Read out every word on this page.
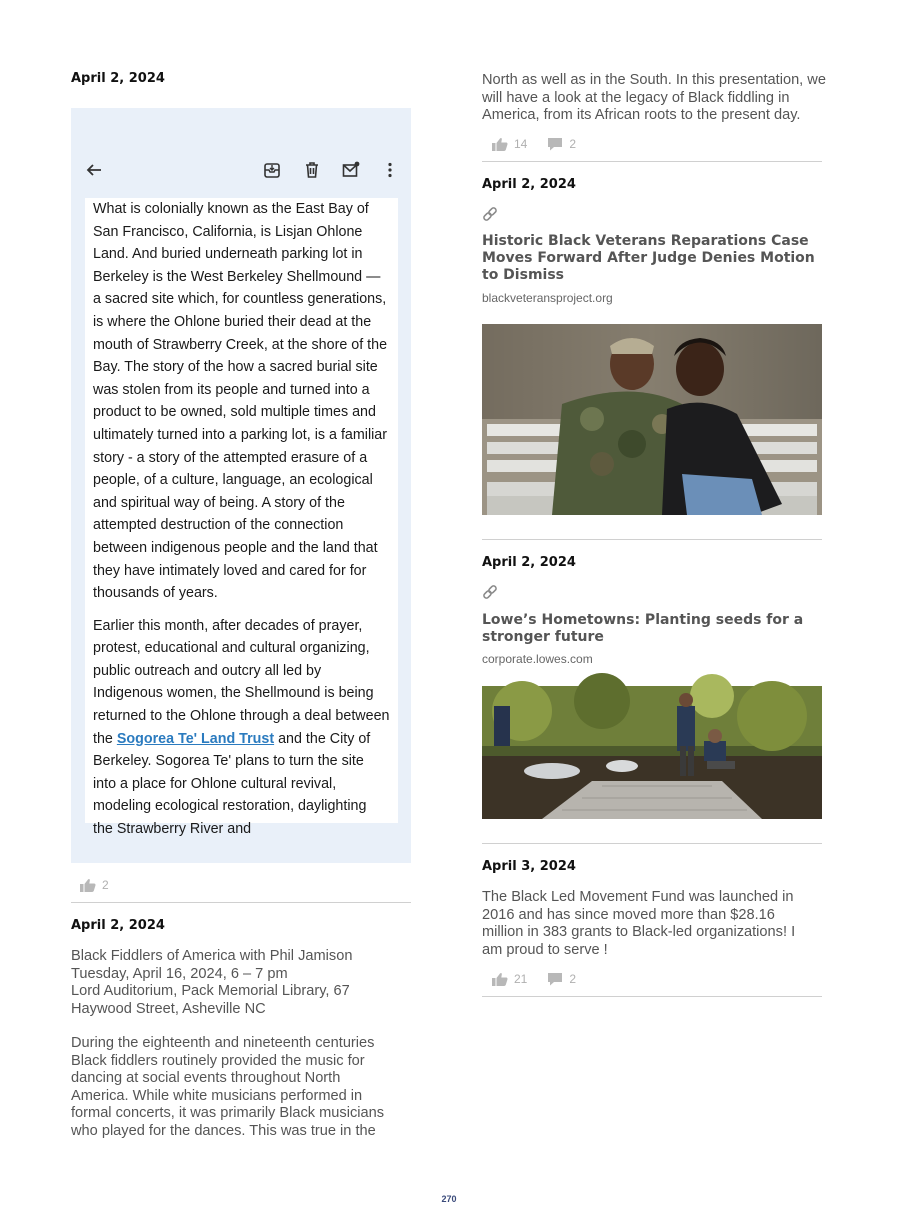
April 2, 2024

What is colonially known as the East Bay of San Francisco, California, is Lisjan Ohlone Land. And buried underneath parking lot in Berkeley is the West Berkeley Shellmound — a sacred site which, for countless generations, is where the Ohlone buried their dead at the mouth of Strawberry Creek, at the shore of the Bay. The story of the how a sacred burial site was stolen from its people and turned into a product to be owned, sold multiple times and ultimately turned into a parking lot, is a familiar story - a story of the attempted erasure of a people, of a culture, language, an ecological and spiritual way of being. A story of the attempted destruction of the connection between indigenous people and the land that they have intimately loved and cared for for thousands of years.

Earlier this month, after decades of prayer, protest, educational and cultural organizing, public outreach and outcry all led by Indigenous women, the Shellmound is being returned to the Ohlone through a deal between the Sogorea Te' Land Trust and the City of Berkeley. Sogorea Te' plans to turn the site into a place for Ohlone cultural revival, modeling ecological restoration, daylighting the Strawberry River and

2
April 2, 2024
Black Fiddlers of America with Phil Jamison
Tuesday, April 16, 2024, 6 – 7 pm
Lord Auditorium, Pack Memorial Library, 67 Haywood Street, Asheville NC

During the eighteenth and nineteenth centuries Black fiddlers routinely provided the music for dancing at social events throughout North America. While white musicians performed in formal concerts, it was primarily Black musicians who played for the dances. This was true in the

North as well as in the South. In this presentation, we will have a look at the legacy of Black fiddling in America, from its African roots to the present day.

14	2
April 2, 2024
Historic Black Veterans Reparations Case Moves Forward After Judge Denies Motion to Dismiss
blackveteransproject.org
April 2, 2024
Lowe’s Hometowns: Planting seeds for a stronger future
corporate.lowes.com
April 3, 2024

The Black Led Movement Fund was launched in 2016 and has since moved more than $28.16 million in 383 grants to Black-led organizations! I am proud to serve !

21	2
270
